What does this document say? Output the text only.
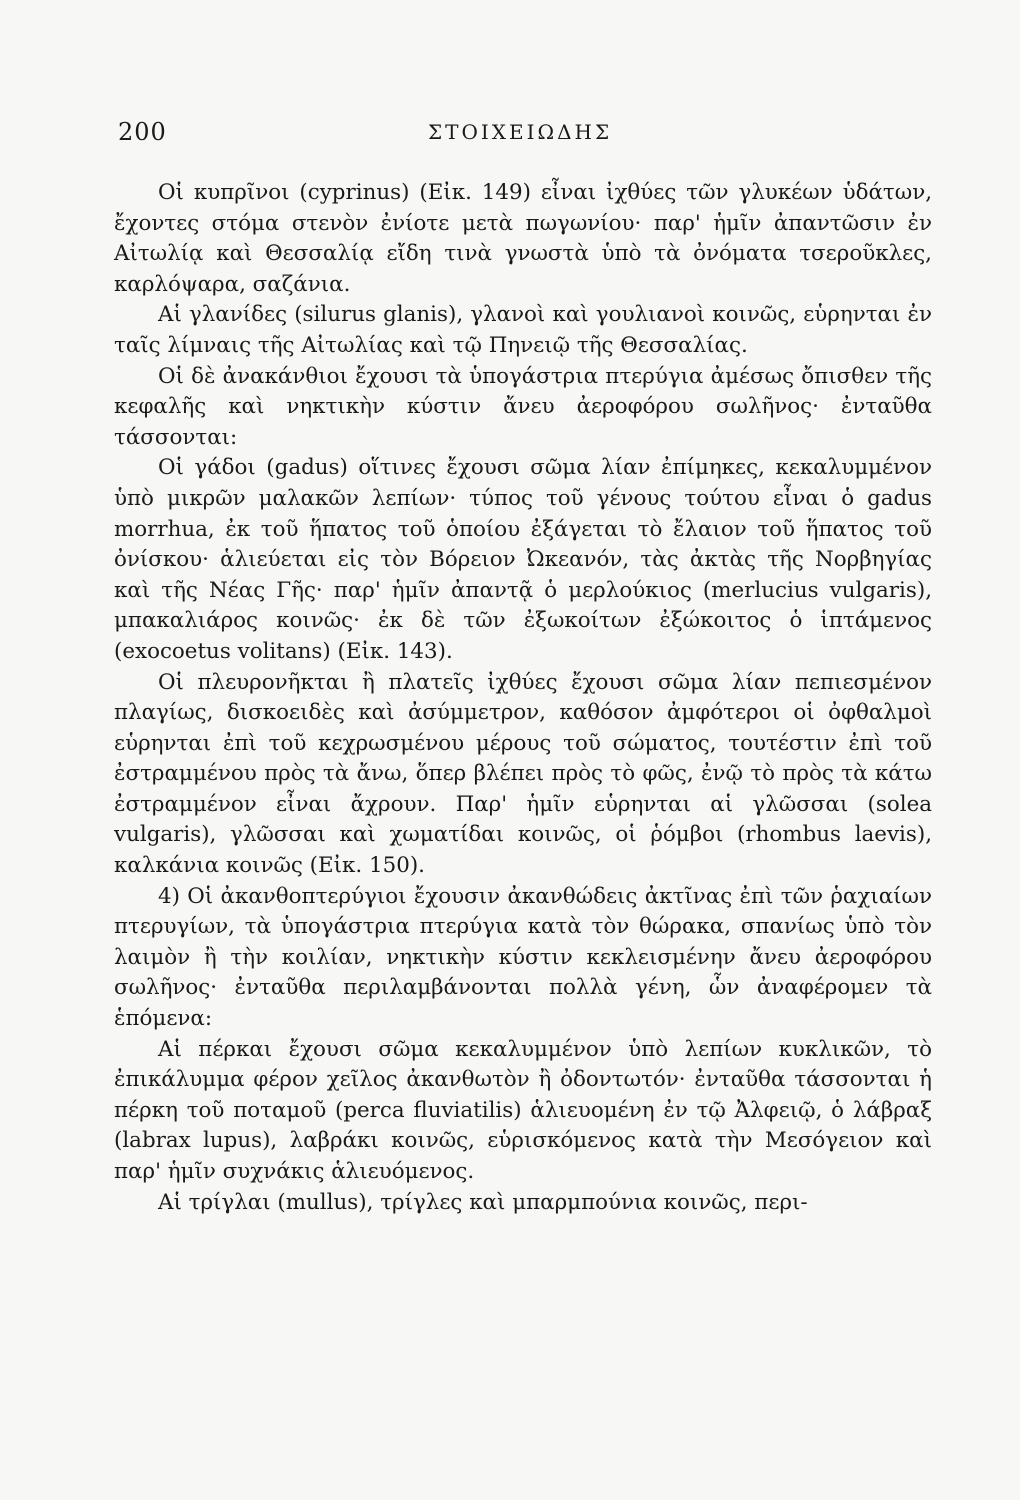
200	ΣΤΟΙΧΕΙΩΔΗΣ

Οἱ κυπρῖνοι (cyprinus) (Εἰκ. 149) εἶναι ἰχθύες τῶν γλυκέων ὑδάτων, ἔχοντες στόμα στενὸν ἐνίοτε μετὰ πωγωνίου· παρ' ἡμῖν ἀπαντῶσιν ἐν Αἰτωλίᾳ καὶ Θεσσαλίᾳ εἴδη τινὰ γνωστὰ ὑπὸ τὰ ὀνόματα τσεροῦκλες, καρλόψαρα, σαζάνια.

Αἱ γλανίδες (silurus glanis), γλανοὶ καὶ γουλιανοὶ κοινῶς, εὑρηνται ἐν ταῖς λίμναις τῆς Αἰτωλίας καὶ τῷ Πηνειῷ τῆς Θεσσαλίας.

Οἱ δὲ ἀνακάνθιοι ἔχουσι τὰ ὑπογάστρια πτερύγια ἀμέσως ὄπισθεν τῆς κεφαλῆς καὶ νηκτικὴν κύστιν ἄνευ ἀεροφόρου σωλῆνος· ἐνταῦθα τάσσονται:

Οἱ γάδοι (gadus) οἵτινες ἔχουσι σῶμα λίαν ἐπίμηκες, κεκαλυμμένον ὑπὸ μικρῶν μαλακῶν λεπίων· τύπος τοῦ γένους τούτου εἶναι ὁ gadus morrhua, ἐκ τοῦ ἥπατος τοῦ ὁποίου ἐξάγεται τὸ ἔλαιον τοῦ ἥπατος τοῦ ὀνίσκου· ἁλιεύεται εἰς τὸν Βόρειον Ὠκεανόν, τὰς ἀκτὰς τῆς Νορβηγίας καὶ τῆς Νέας Γῆς· παρ' ἡμῖν ἀπαντᾷ ὁ μερλούκιος (merlucius vulgaris), μπακαλιάρος κοινῶς· ἐκ δὲ τῶν ἐξωκοίτων ἐξώκοιτος ὁ ἱπτάμενος (exocoetus volitans) (Εἰκ. 143).

Οἱ πλευρονῆκται ἢ πλατεῖς ἰχθύες ἔχουσι σῶμα λίαν πεπιεσμένον πλαγίως, δισκοειδὲς καὶ ἀσύμμετρον, καθόσον ἀμφότεροι οἱ ὀφθαλμοὶ εὑρηνται ἐπὶ τοῦ κεχρωσμένου μέρους τοῦ σώματος, τουτέστιν ἐπὶ τοῦ ἐστραμμένου πρὸς τὰ ἄνω, ὅπερ βλέπει πρὸς τὸ φῶς, ἐνῷ τὸ πρὸς τὰ κάτω ἐστραμμένον εἶναι ἄχρουν. Παρ' ἡμῖν εὑρηνται αἱ γλῶσσαι (solea vulgaris), γλῶσσαι καὶ χωματίδαι κοινῶς, οἱ ῥόμβοι (rhombus laevis), καλκάνια κοινῶς (Εἰκ. 150).

4) Οἱ ἀκανθοπτερύγιοι ἔχουσιν ἀκανθώδεις ἀκτῖνας ἐπὶ τῶν ῥαχιαίων πτερυγίων, τὰ ὑπογάστρια πτερύγια κατὰ τὸν θώρακα, σπανίως ὑπὸ τὸν λαιμὸν ἢ τὴν κοιλίαν, νηκτικὴν κύστιν κεκλεισμένην ἄνευ ἀεροφόρου σωλῆνος· ἐνταῦθα περιλαμβάνονται πολλὰ γένη, ὧν ἀναφέρομεν τὰ ἑπόμενα:

Αἱ πέρκαι ἔχουσι σῶμα κεκαλυμμένον ὑπὸ λεπίων κυκλικῶν, τὸ ἐπικάλυμμα φέρον χεῖλος ἀκανθωτὸν ἢ ὀδοντωτόν· ἐνταῦθα τάσσονται ἡ πέρκη τοῦ ποταμοῦ (perca fluviatilis) ἁλιευομένη ἐν τῷ Ἀλφειῷ, ὁ λάβραξ (labrax lupus), λαβράκι κοινῶς, εὑρισκόμενος κατὰ τὴν Μεσόγειον καὶ παρ' ἡμῖν συχνάκις ἁλιευόμενος.

Αἱ τρίγλαι (mullus), τρίγλες καὶ μπαρμπούνια κοινῶς, περι-
